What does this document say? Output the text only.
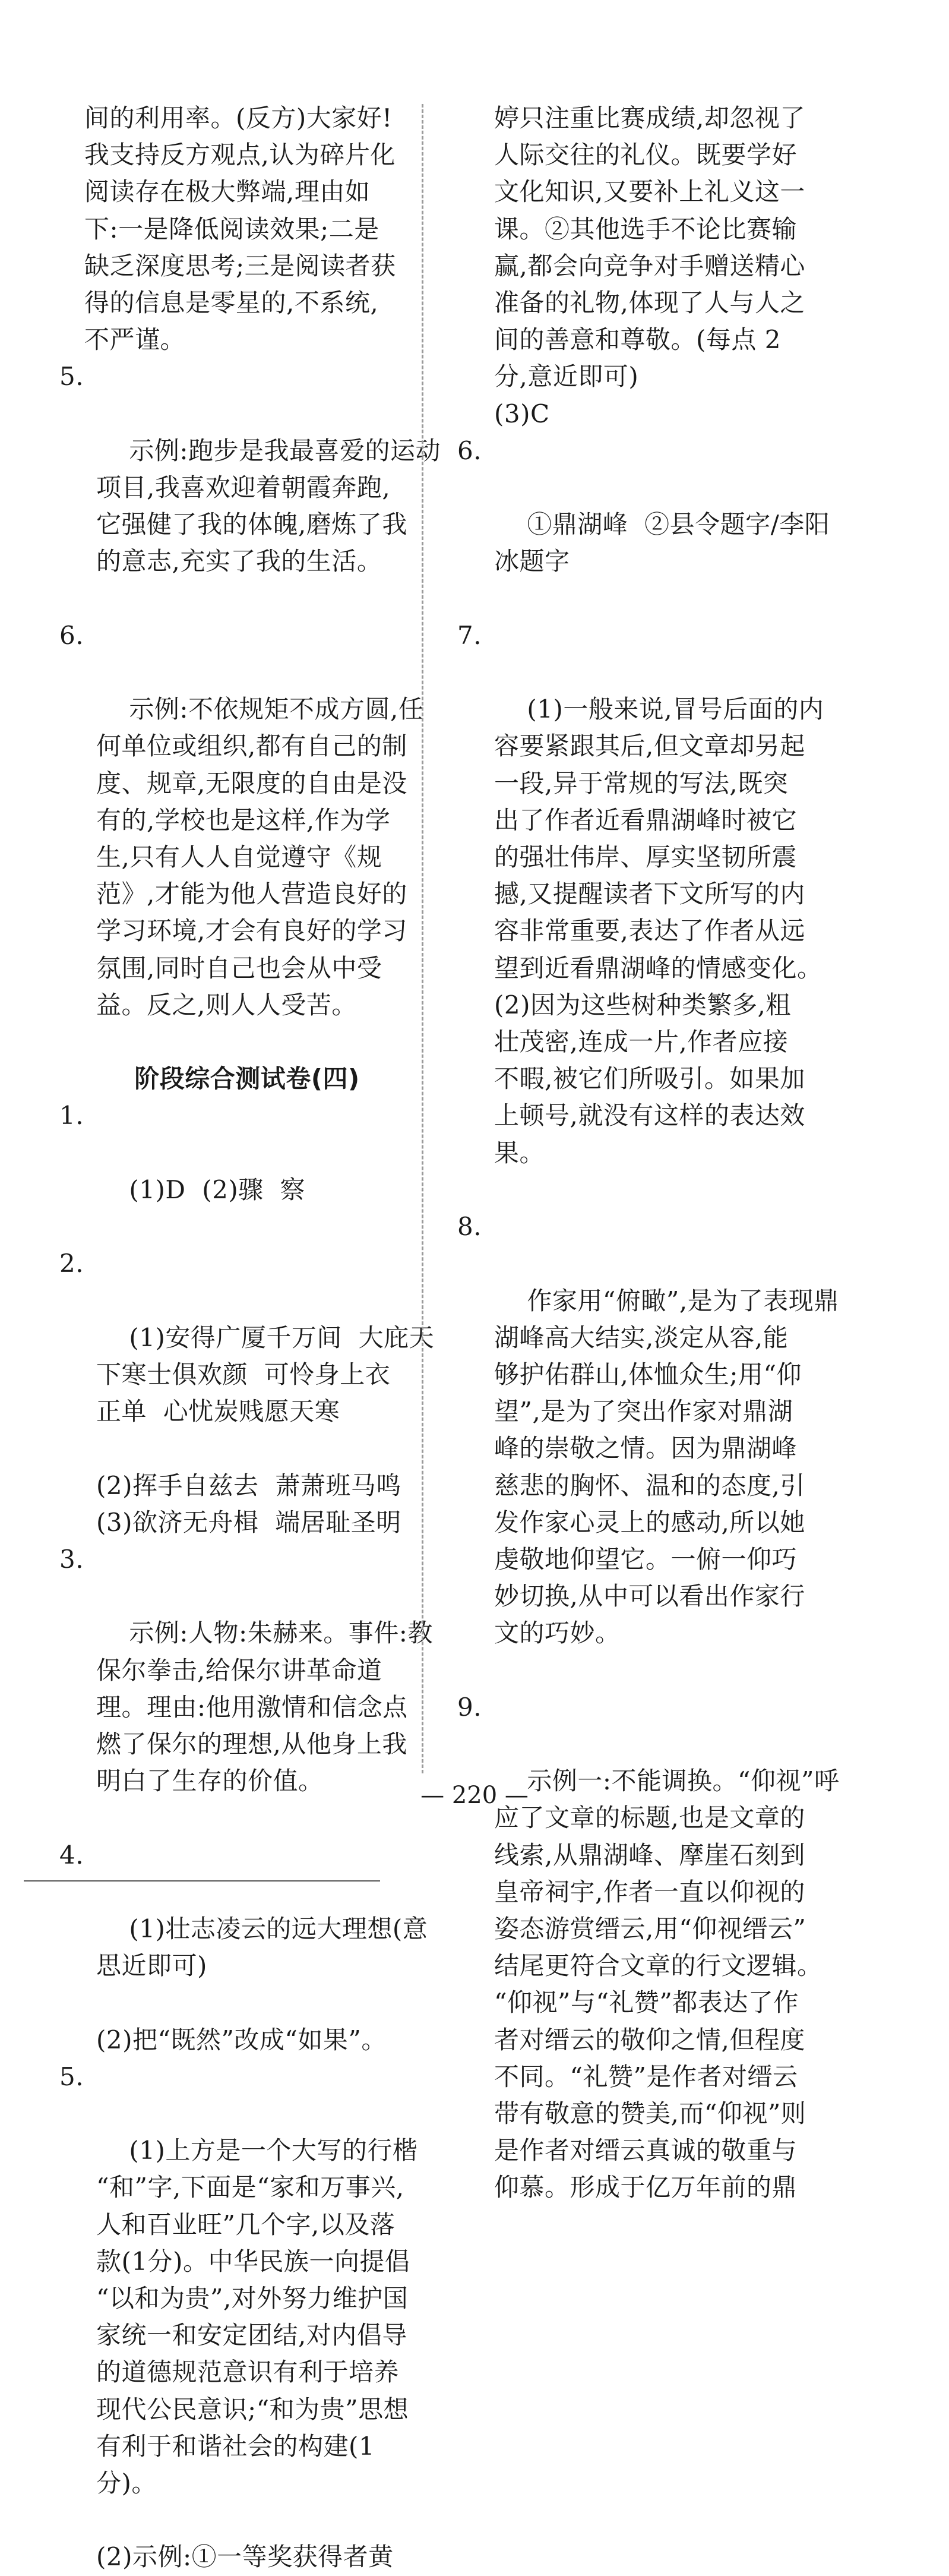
间的利用率。(反方)大家好!
我支持反方观点,认为碎片化
阅读存在极大弊端,理由如
下:一是降低阅读效果;二是
缺乏深度思考;三是阅读者获
得的信息是零星的,不系统,
不严谨。

5.

示例:跑步是我最喜爱的运动
项目,我喜欢迎着朝霞奔跑,
它强健了我的体魄,磨炼了我
的意志,充实了我的生活。

6.

示例:不依规矩不成方圆,任
何单位或组织,都有自己的制
度、规章,无限度的自由是没
有的,学校也是这样,作为学
生,只有人人自觉遵守《规
范》,才能为他人营造良好的
学习环境,才会有良好的学习
氛围,同时自己也会从中受
益。反之,则人人受苦。

阶段综合测试卷(四)

1.

(1)D  (2)骤  察

2.

(1)安得广厦千万间  大庇天
下寒士俱欢颜  可怜身上衣
正单  心忧炭贱愿天寒

(2)挥手自兹去  萧萧班马鸣
(3)欲济无舟楫  端居耻圣明

3.

示例:人物:朱赫来。事件:教
保尔拳击,给保尔讲革命道
理。理由:他用激情和信念点
燃了保尔的理想,从他身上我
明白了生存的价值。

4.

(1)壮志凌云的远大理想(意
思近即可)

(2)把“既然”改成“如果”。

5.

(1)上方是一个大写的行楷
“和”字,下面是“家和万事兴,
人和百业旺”几个字,以及落
款(1分)。中华民族一向提倡
“以和为贵”,对外努力维护国
家统一和安定团结,对内倡导
的道德规范意识有利于培养
现代公民意识;“和为贵”思想
有利于和谐社会的构建(1
分)。

(2)示例:①一等奖获得者黄
婷只注重比赛成绩,却忽视了
人际交往的礼仪。既要学好
文化知识,又要补上礼义这一
课。②其他选手不论比赛输
赢,都会向竞争对手赠送精心
准备的礼物,体现了人与人之
间的善意和尊敬。(每点 2
分,意近即可)
(3)C

6.

①鼎湖峰  ②县令题字/李阳
冰题字

7.

(1)一般来说,冒号后面的内
容要紧跟其后,但文章却另起
一段,异于常规的写法,既突
出了作者近看鼎湖峰时被它
的强壮伟岸、厚实坚韧所震
撼,又提醒读者下文所写的内
容非常重要,表达了作者从远
望到近看鼎湖峰的情感变化。
(2)因为这些树种类繁多,粗
壮茂密,连成一片,作者应接
不暇,被它们所吸引。如果加
上顿号,就没有这样的表达效
果。

8.

作家用“俯瞰”,是为了表现鼎
湖峰高大结实,淡定从容,能
够护佑群山,体恤众生;用“仰
望”,是为了突出作家对鼎湖
峰的崇敬之情。因为鼎湖峰
慈悲的胸怀、温和的态度,引
发作家心灵上的感动,所以她
虔敬地仰望它。一俯一仰巧
妙切换,从中可以看出作家行
文的巧妙。

9.

示例一:不能调换。“仰视”呼
应了文章的标题,也是文章的
线索,从鼎湖峰、摩崖石刻到
皇帝祠宇,作者一直以仰视的
姿态游赏缙云,用“仰视缙云”
结尾更符合文章的行文逻辑。
“仰视”与“礼赞”都表达了作
者对缙云的敬仰之情,但程度
不同。“礼赞”是作者对缙云
带有敬意的赞美,而“仰视”则
是作者对缙云真诚的敬重与
仰慕。形成于亿万年前的鼎

— 220 —
